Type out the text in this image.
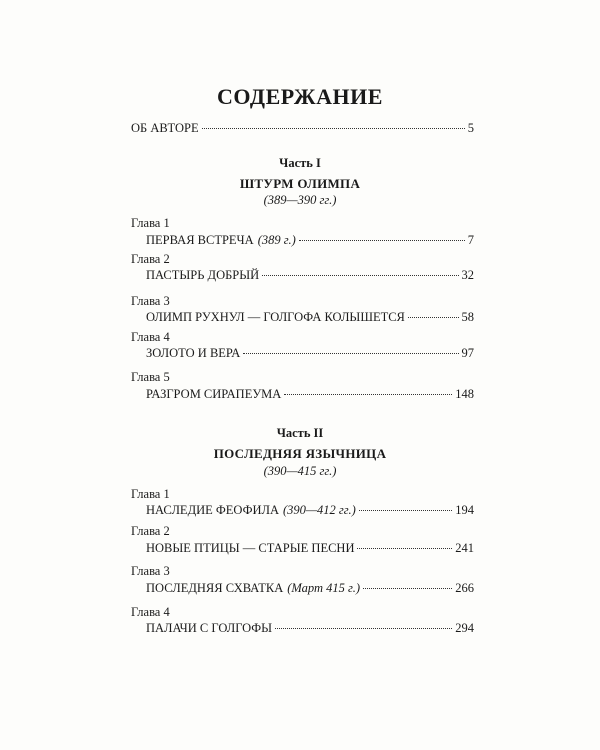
СОДЕРЖАНИЕ
ОБ АВТОРЕ	5
Часть I
ШТУРМ ОЛИМПА
(389—390 гг.)
Глава 1
ПЕРВАЯ ВСТРЕЧА (389 г.)	7
Глава 2
ПАСТЫРЬ ДОБРЫЙ	32
Глава 3
ОЛИМП РУХНУЛ — ГОЛГОФА КОЛЫШЕТСЯ	58
Глава 4
ЗОЛОТО И ВЕРА	97
Глава 5
РАЗГРОМ СИРАПЕУМА	148
Часть II
ПОСЛЕДНЯЯ ЯЗЫЧНИЦА
(390—415 гг.)
Глава 1
НАСЛЕДИЕ ФЕОФИЛА (390—412 гг.)	194
Глава 2
НОВЫЕ ПТИЦЫ — СТАРЫЕ ПЕСНИ	241
Глава 3
ПОСЛЕДНЯЯ СХВАТКА (Март 415 г.)	266
Глава 4
ПАЛАЧИ С ГОЛГОФЫ	294
